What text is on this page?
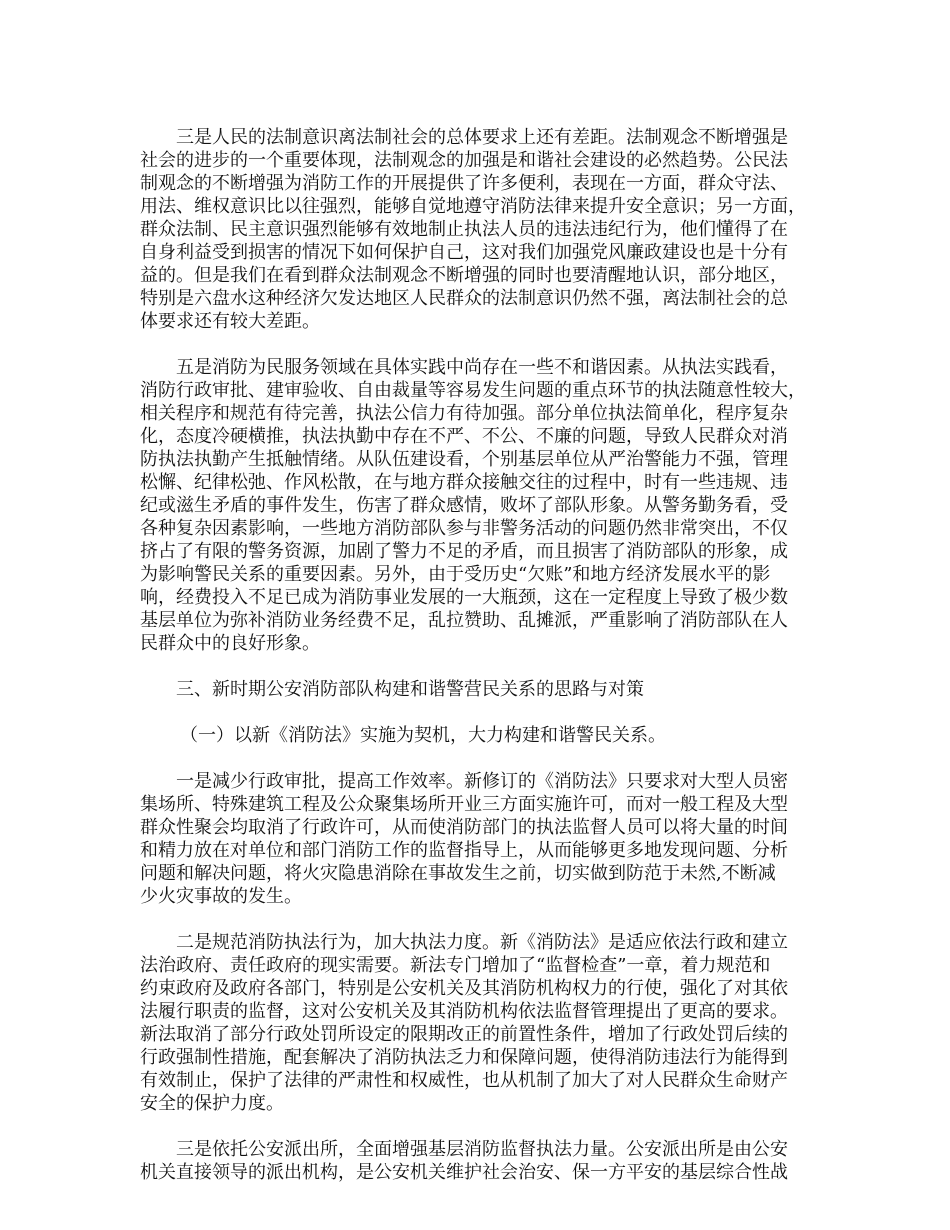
三是人民的法制意识离法制社会的总体要求上还有差距。法制观念不断增强是
社会的进步的一个重要体现，法制观念的加强是和谐社会建设的必然趋势。公民法
制观念的不断增强为消防工作的开展提供了许多便利，表现在一方面，群众守法、
用法、维权意识比以往强烈，能够自觉地遵守消防法律来提升安全意识；另一方面，
群众法制、民主意识强烈能够有效地制止执法人员的违法违纪行为，他们懂得了在
自身利益受到损害的情况下如何保护自己，这对我们加强党风廉政建设也是十分有
益的。但是我们在看到群众法制观念不断增强的同时也要清醒地认识，部分地区，
特别是六盘水这种经济欠发达地区人民群众的法制意识仍然不强，离法制社会的总
体要求还有较大差距。
五是消防为民服务领域在具体实践中尚存在一些不和谐因素。从执法实践看，
消防行政审批、建审验收、自由裁量等容易发生问题的重点环节的执法随意性较大，
相关程序和规范有待完善，执法公信力有待加强。部分单位执法简单化，程序复杂
化，态度冷硬横推，执法执勤中存在不严、不公、不廉的问题，导致人民群众对消
防执法执勤产生抵触情绪。从队伍建设看，个别基层单位从严治警能力不强，管理
松懈、纪律松弛、作风松散，在与地方群众接触交往的过程中，时有一些违规、违
纪或滋生矛盾的事件发生，伤害了群众感情，败坏了部队形象。从警务勤务看，受
各种复杂因素影响，一些地方消防部队参与非警务活动的问题仍然非常突出，不仅
挤占了有限的警务资源，加剧了警力不足的矛盾，而且损害了消防部队的形象，成
为影响警民关系的重要因素。另外，由于受历史“欠账”和地方经济发展水平的影
响，经费投入不足已成为消防事业发展的一大瓶颈，这在一定程度上导致了极少数
基层单位为弥补消防业务经费不足，乱拉赞助、乱摊派，严重影响了消防部队在人
民群众中的良好形象。
三、新时期公安消防部队构建和谐警营民关系的思路与对策
（一）以新《消防法》实施为契机，大力构建和谐警民关系。
一是减少行政审批，提高工作效率。新修订的《消防法》只要求对大型人员密
集场所、特殊建筑工程及公众聚集场所开业三方面实施许可，而对一般工程及大型
群众性聚会均取消了行政许可，从而使消防部门的执法监督人员可以将大量的时间
和精力放在对单位和部门消防工作的监督指导上，从而能够更多地发现问题、分析
问题和解决问题，将火灾隐患消除在事故发生之前，切实做到防范于未然,不断减
少火灾事故的发生。
二是规范消防执法行为，加大执法力度。新《消防法》是适应依法行政和建立
法治政府、责任政府的现实需要。新法专门增加了“监督检查”一章，着力规范和
约束政府及政府各部门，特别是公安机关及其消防机构权力的行使，强化了对其依
法履行职责的监督，这对公安机关及其消防机构依法监督管理提出了更高的要求。
新法取消了部分行政处罚所设定的限期改正的前置性条件，增加了行政处罚后续的
行政强制性措施，配套解决了消防执法乏力和保障问题，使得消防违法行为能得到
有效制止，保护了法律的严肃性和权威性，也从机制了加大了对人民群众生命财产
安全的保护力度。
三是依托公安派出所，全面增强基层消防监督执法力量。公安派出所是由公安
机关直接领导的派出机构，是公安机关维护社会治安、保一方平安的基层综合性战
